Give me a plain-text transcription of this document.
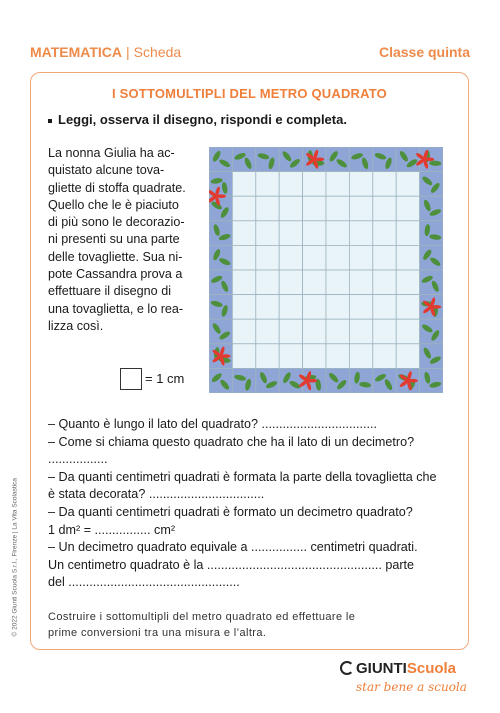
MATEMATICA | Scheda	Classe quinta
I SOTTOMULTIPLI DEL METRO QUADRATO
Leggi, osserva il disegno, rispondi e completa.
La nonna Giulia ha ac-
quistato alcune tova-
gliette di stoffa quadrate.
Quello che le è piaciuto
di più sono le decorazio-
ni presenti su una parte
delle tovagliette. Sua ni-
pote Cassandra prova a
effettuare il disegno di
una tovaglietta, e lo rea-
lizza così.
= 1 cm
– Quanto è lungo il lato del quadrato? .................................
– Come si chiama questo quadrato che ha il lato di un decimetro?
.................
– Da quanti centimetri quadrati è formata la parte della tovaglietta che
è stata decorata? .................................
– Da quanti centimetri quadrati è formato un decimetro quadrato?
1 dm² = ................ cm²
– Un decimetro quadrato equivale a ................ centimetri quadrati.
Un centimetro quadrato è la .................................................. parte
del .................................................
Costruire i sottomultipli del metro quadrato ed effettuare le
prime conversioni tra una misura e l’altra.
© 2022 Giunti Scuola S.r.l., Firenze | La Vita Scolastica
GIUNTIScuola
star bene a scuola
